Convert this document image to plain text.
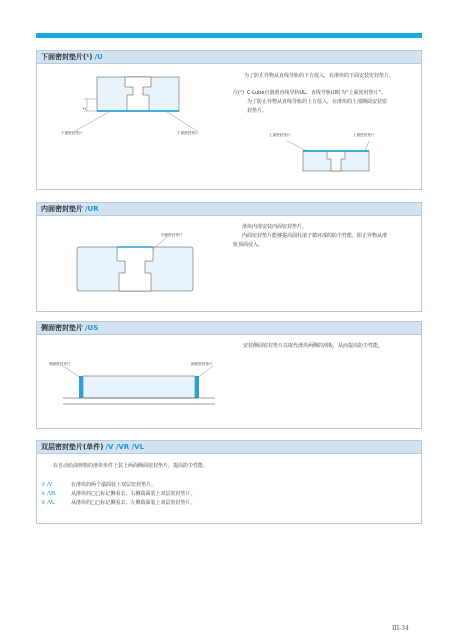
下面密封垫片(¹) /U
为了防止异物从直线导轨的下方侵入，在滑块的下面安装密封垫片。
注(¹) C-Lube自润滑直线导轨UL、直线导轨UI时为“上面密封垫片”。
为了防止异物从直线导轨的上方侵入，在滑块的上部侧面安装密
封垫片。
H
下面密封垫片	下面密封垫片	上面密封垫片	上面密封垫片
内面密封垫片 /UR
滑块内部安装内面密封垫片。
内面密封垫片能够提高圆柱滚子循环部的防尘性能，阻止异物从滑
轨顶面侵入。
内面密封垫片
侧面密封垫片 /US
安装侧面密封垫片以取代滑块两侧的刮板，从而提高防尘性能。
侧面密封垫片	侧面密封垫片
双层密封垫片(单件) /V /VR /VL
在自动给油规格的滑块单件上装上两面侧面密封垫片，提高防尘性能。
① /V	在滑块的两个端面装上双层密封垫片。
② /VR	从滑块的□□标记侧看去，右侧端面装上双层密封垫片。
③ /VL	从滑块的□□标记侧看去，左侧端面装上双层密封垫片。
III-34
